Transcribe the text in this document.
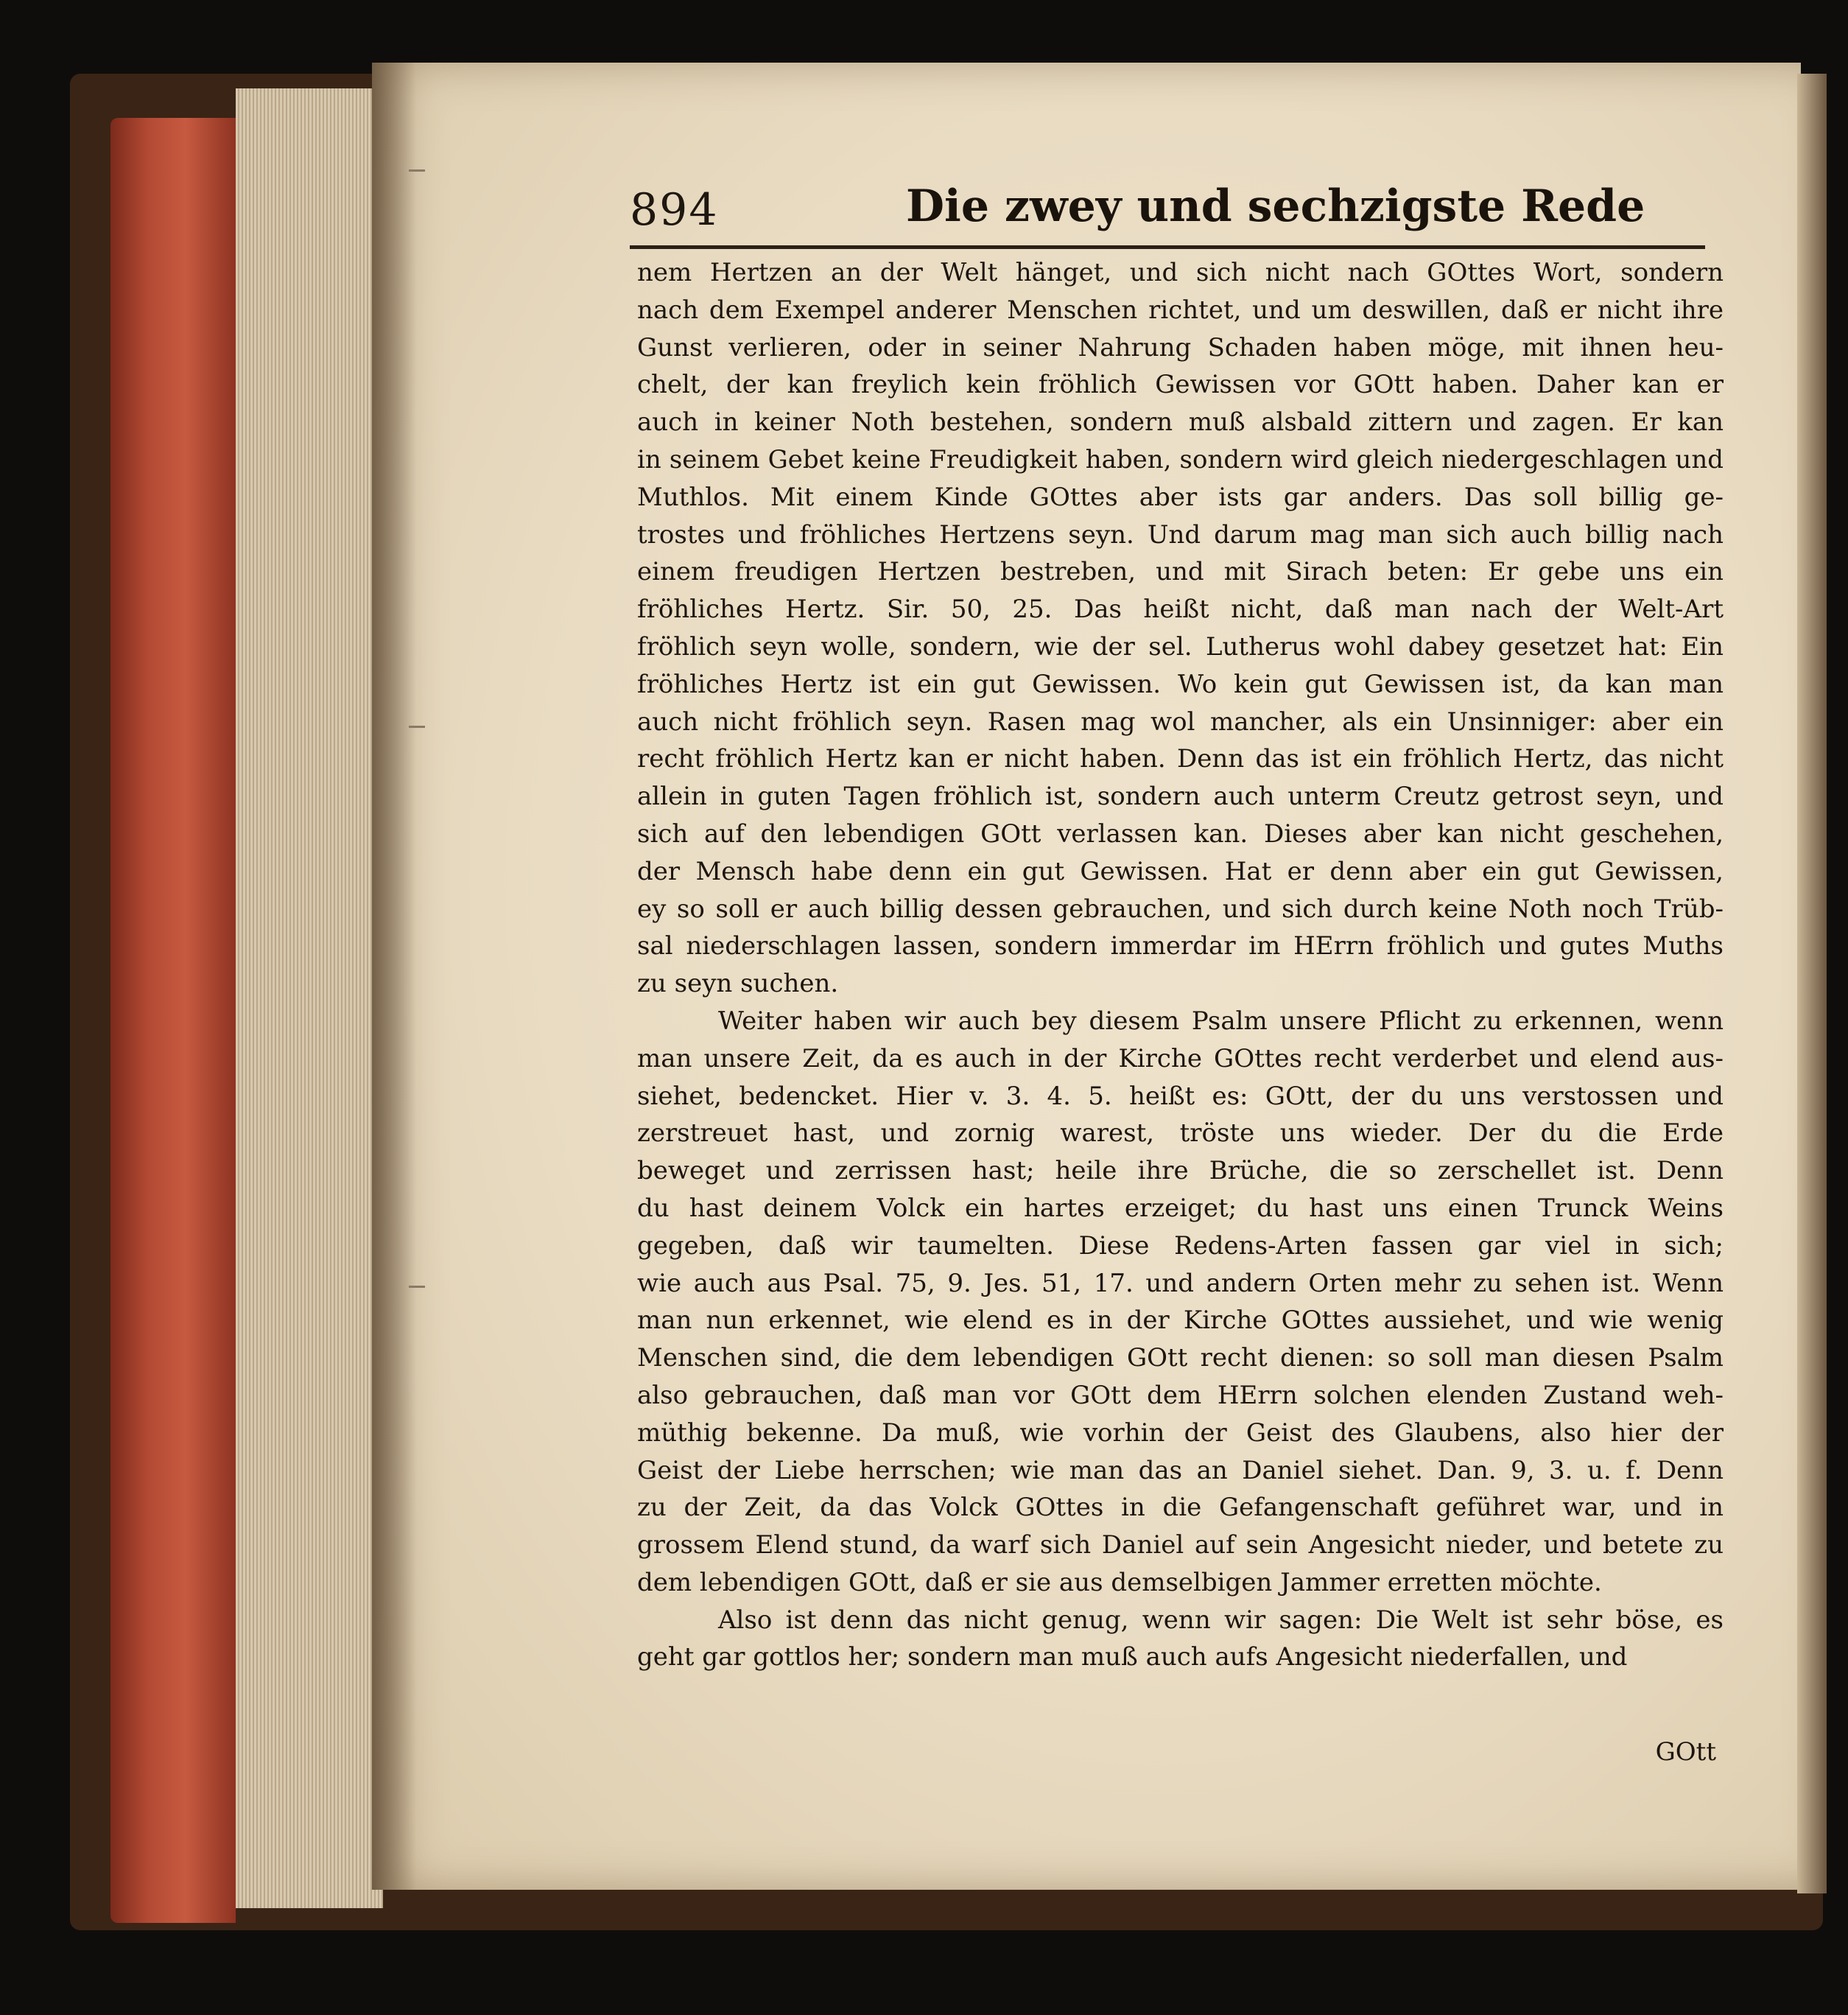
894	Die zwey und sechzigste Rede
nem Hertzen an der Welt hänget, und sich nicht nach GOttes Wort, sondern
nach dem Exempel anderer Menschen richtet, und um deswillen, daß er nicht ihre
Gunst verlieren, oder in seiner Nahrung Schaden haben möge, mit ihnen heu-
chelt, der kan freylich kein fröhlich Gewissen vor GOtt haben. Daher kan er
auch in keiner Noth bestehen, sondern muß alsbald zittern und zagen. Er kan
in seinem Gebet keine Freudigkeit haben, sondern wird gleich niedergeschlagen und
Muthlos. Mit einem Kinde GOttes aber ists gar anders. Das soll billig ge-
trostes und fröhliches Hertzens seyn. Und darum mag man sich auch billig nach
einem freudigen Hertzen bestreben, und mit Sirach beten: Er gebe uns ein
fröhliches Hertz. Sir. 50, 25. Das heißt nicht, daß man nach der Welt-Art
fröhlich seyn wolle, sondern, wie der sel. Lutherus wohl dabey gesetzet hat: Ein
fröhliches Hertz ist ein gut Gewissen. Wo kein gut Gewissen ist, da kan man
auch nicht fröhlich seyn. Rasen mag wol mancher, als ein Unsinniger: aber ein
recht fröhlich Hertz kan er nicht haben. Denn das ist ein fröhlich Hertz, das nicht
allein in guten Tagen fröhlich ist, sondern auch unterm Creutz getrost seyn, und
sich auf den lebendigen GOtt verlassen kan. Dieses aber kan nicht geschehen,
der Mensch habe denn ein gut Gewissen. Hat er denn aber ein gut Gewissen,
ey so soll er auch billig dessen gebrauchen, und sich durch keine Noth noch Trüb-
sal niederschlagen lassen, sondern immerdar im HErrn fröhlich und gutes Muths
zu seyn suchen.
Weiter haben wir auch bey diesem Psalm unsere Pflicht zu erkennen, wenn
man unsere Zeit, da es auch in der Kirche GOttes recht verderbet und elend aus-
siehet, bedencket. Hier v. 3. 4. 5. heißt es: GOtt, der du uns verstossen und
zerstreuet hast, und zornig warest, tröste uns wieder. Der du die Erde
beweget und zerrissen hast; heile ihre Brüche, die so zerschellet ist. Denn
du hast deinem Volck ein hartes erzeiget; du hast uns einen Trunck Weins
gegeben, daß wir taumelten. Diese Redens-Arten fassen gar viel in sich;
wie auch aus Psal. 75, 9. Jes. 51, 17. und andern Orten mehr zu sehen ist. Wenn
man nun erkennet, wie elend es in der Kirche GOttes aussiehet, und wie wenig
Menschen sind, die dem lebendigen GOtt recht dienen: so soll man diesen Psalm
also gebrauchen, daß man vor GOtt dem HErrn solchen elenden Zustand weh-
müthig bekenne. Da muß, wie vorhin der Geist des Glaubens, also hier der
Geist der Liebe herrschen; wie man das an Daniel siehet. Dan. 9, 3. u. f. Denn
zu der Zeit, da das Volck GOttes in die Gefangenschaft geführet war, und in
grossem Elend stund, da warf sich Daniel auf sein Angesicht nieder, und betete zu
dem lebendigen GOtt, daß er sie aus demselbigen Jammer erretten möchte.
Also ist denn das nicht genug, wenn wir sagen: Die Welt ist sehr böse, es
geht gar gottlos her; sondern man muß auch aufs Angesicht niederfallen, und
GOtt
